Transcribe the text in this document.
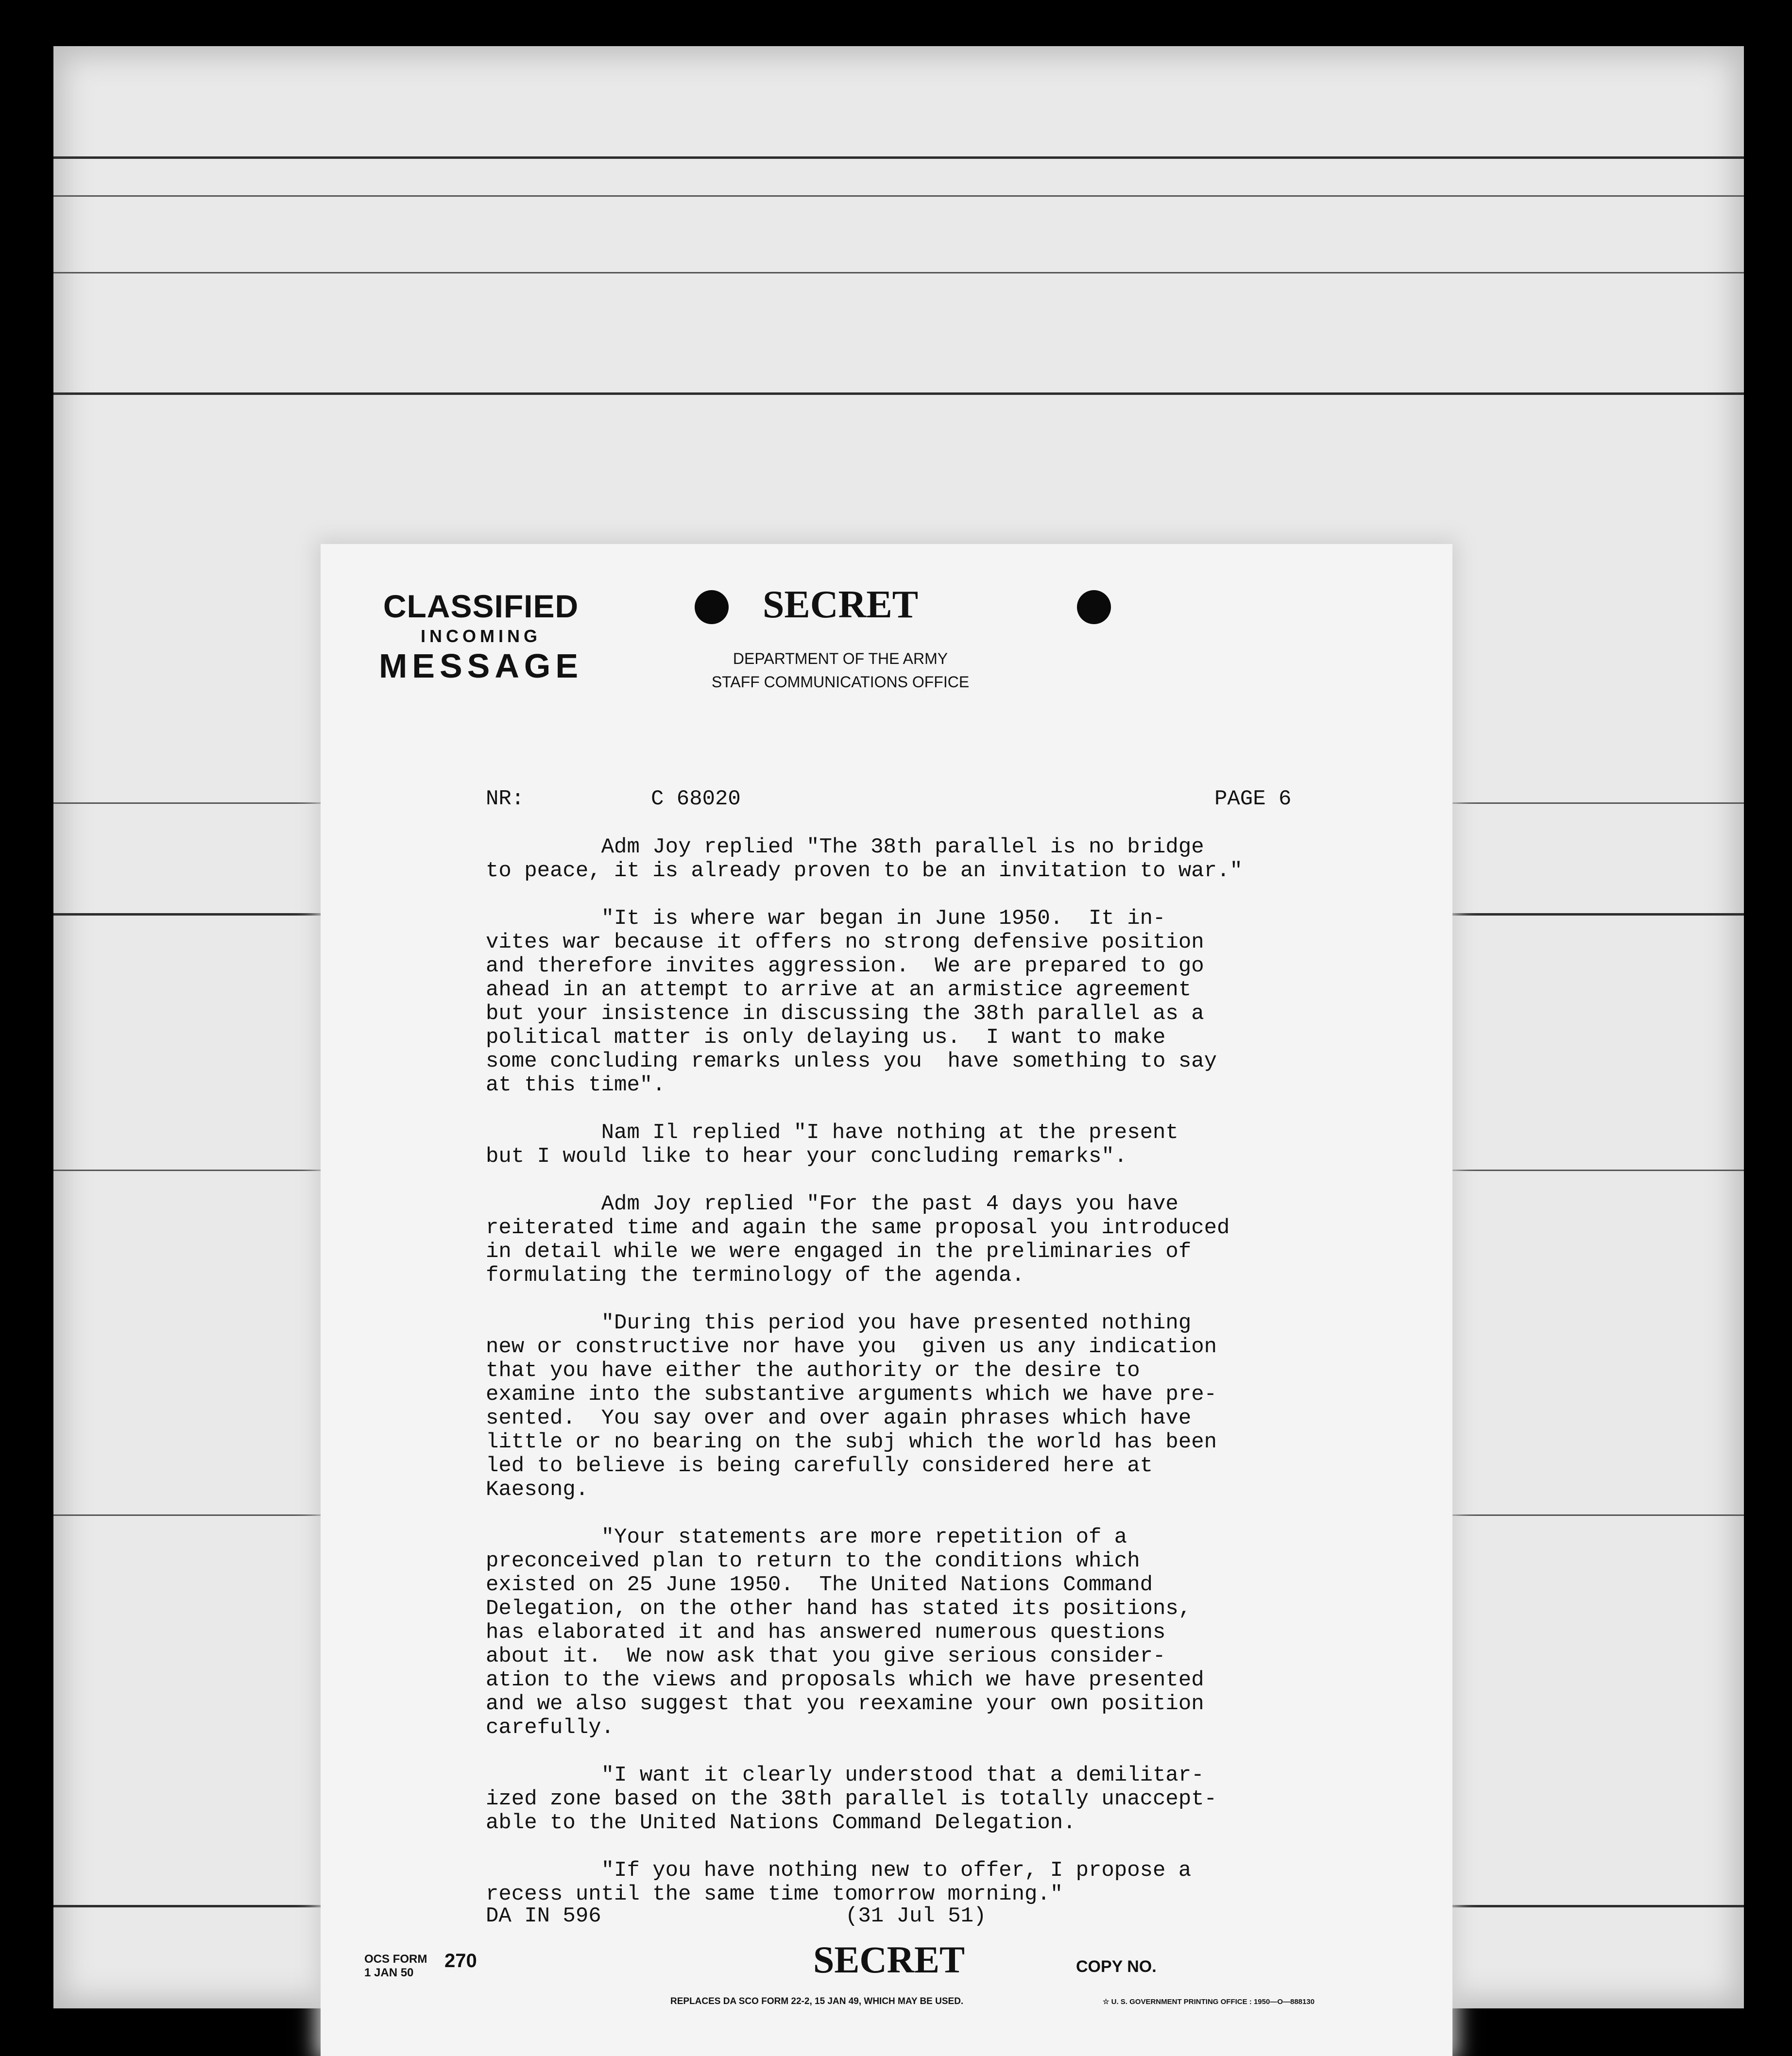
CLASSIFIED
INCOMING
MESSAGE
SECRET
DEPARTMENT OF THE ARMY
STAFF COMMUNICATIONS OFFICE
NR:	C 68020	PAGE 6
Adm Joy replied "The 38th parallel is no bridge
to peace, it is already proven to be an invitation to war."

"It is where war began in June 1950.  It in-
vites war because it offers no strong defensive position
and therefore invites aggression.  We are prepared to go
ahead in an attempt to arrive at an armistice agreement
but your insistence in discussing the 38th parallel as a
political matter is only delaying us.  I want to make
some concluding remarks unless you  have something to say
at this time".

Nam Il replied "I have nothing at the present
but I would like to hear your concluding remarks".

Adm Joy replied "For the past 4 days you have
reiterated time and again the same proposal you introduced
in detail while we were engaged in the preliminaries of
formulating the terminology of the agenda.

"During this period you have presented nothing
new or constructive nor have you  given us any indication
that you have either the authority or the desire to
examine into the substantive arguments which we have pre-
sented.  You say over and over again phrases which have
little or no bearing on the subj which the world has been
led to believe is being carefully considered here at
Kaesong.

"Your statements are more repetition of a
preconceived plan to return to the conditions which
existed on 25 June 1950.  The United Nations Command
Delegation, on the other hand has stated its positions,
has elaborated it and has answered numerous questions
about it.  We now ask that you give serious consider-
ation to the views and proposals which we have presented
and we also suggest that you reexamine your own position
carefully.

"I want it clearly understood that a demilitar-
ized zone based on the 38th parallel is totally unaccept-
able to the United Nations Command Delegation.

"If you have nothing new to offer, I propose a
recess until the same time tomorrow morning."

DA IN 596	(31 Jul 51)
OCS FORM
1 JAN 50
270	SECRET	COPY NO.
REPLACES DA SCO FORM 22-2, 15 JAN 49, WHICH MAY BE USED.	☆ U. S. GOVERNMENT PRINTING OFFICE : 1950—O—888130
